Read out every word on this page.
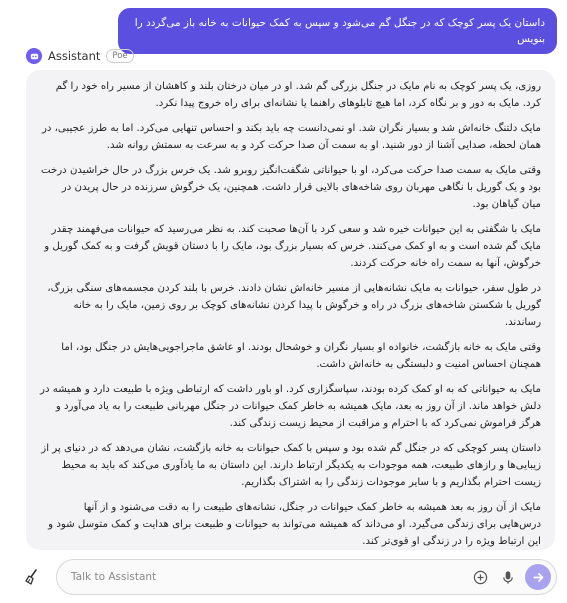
داستان یک پسر کوچک که در جنگل گم می‌شود و سپس به کمک حیوانات به خانه باز می‌گردد را بنویس
Assistant	Poe

روزی، یک پسر کوچک به نام مایک در جنگل بزرگی گم شد. او در میان درختان بلند و کاهشان از مسیر راه خود را گم کرد. مایک به دور و بر نگاه کرد، اما هیچ تابلوهای راهنما یا نشانه‌ای برای راه خروج پیدا نکرد.

مایک دلتنگ خانه‌اش شد و بسیار نگران شد. او نمی‌دانست چه باید بکند و احساس تنهایی می‌کرد. اما به طرز عجیبی، در همان لحظه، صدایی آشنا از دور شنید. او به سمت آن صدا حرکت کرد و به سرعت به سمتش روانه شد.

وقتی مایک به سمت صدا حرکت می‌کرد، او با حیواناتی شگفت‌انگیز روبرو شد. یک خرس بزرگ در حال خراشیدن درخت بود و یک گوریل با نگاهی مهربان روی شاخه‌های بالایی قرار داشت. همچنین، یک خرگوش سرزنده در حال پریدن در میان گیاهان بود.

مایک با شگفتی به این حیوانات خیره شد و سعی کرد با آن‌ها صحبت کند. به نظر می‌رسید که حیوانات می‌فهمند چقدر مایک گم شده است و به او کمک می‌کنند. خرس که بسیار بزرگ بود، مایک را با دستان قویش گرفت و به کمک گوریل و خرگوش، آنها به سمت راه خانه حرکت کردند.

در طول سفر، حیوانات به مایک نشانه‌هایی از مسیر خانه‌اش نشان دادند. خرس با بلند کردن مجسمه‌های سنگی بزرگ، گوریل با شکستن شاخه‌های بزرگ در راه و خرگوش با پیدا کردن نشانه‌های کوچک بر روی زمین، مایک را به خانه رساندند.

وقتی مایک به خانه بازگشت، خانواده او بسیار نگران و خوشحال بودند. او عاشق ماجراجویی‌هایش در جنگل بود، اما همچنان احساس امنیت و دلبستگی به خانه‌اش داشت.

مایک به حیواناتی که به او کمک کرده بودند، سپاسگزاری کرد. او باور داشت که ارتباطی ویژه با طبیعت دارد و همیشه در دلش خواهد ماند. از آن روز به بعد، مایک همیشه به خاطر کمک حیوانات در جنگل مهربانی طبیعت را به یاد می‌آورد و هرگز فراموش نمی‌کرد که با احترام و مراقبت از محیط زیست زندگی کند.

داستان پسر کوچکی که در جنگل گم شده بود و سپس با کمک حیوانات به خانه بازگشت، نشان می‌دهد که در دنیای پر از زیبایی‌ها و رازهای طبیعت، همه موجودات به یکدیگر ارتباط دارند. این داستان به ما یادآوری می‌کند که باید به محیط زیست احترام بگذاریم و با سایر موجودات زندگی را به اشتراک بگذاریم.

مایک از آن روز به بعد همیشه به خاطر کمک حیوانات در جنگل، نشانه‌های طبیعت را به دقت می‌شنود و از آنها درس‌هایی برای زندگی می‌گیرد. او می‌داند که همیشه می‌تواند به حیوانات و طبیعت برای هدایت و کمک متوسل شود و این ارتباط ویژه را در زندگی او قوی‌تر کند.

Talk to Assistant
